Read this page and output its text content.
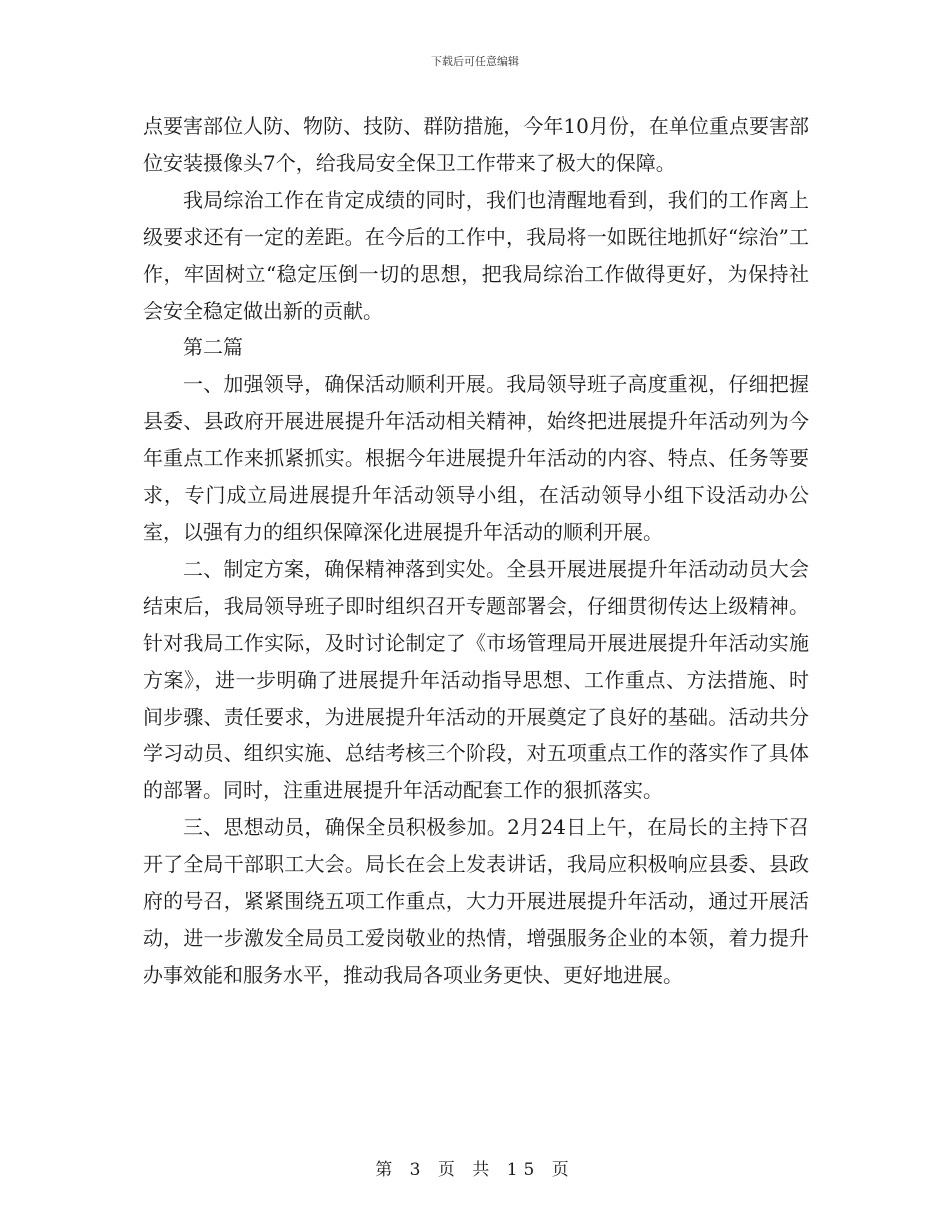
下载后可任意编辑

点要害部位人防、物防、技防、群防措施，今年10月份，在单位重点要害部位安装摄像头7个，给我局安全保卫工作带来了极大的保障。

我局综治工作在肯定成绩的同时，我们也清醒地看到，我们的工作离上级要求还有一定的差距。在今后的工作中，我局将一如既往地抓好“综治”工作，牢固树立“稳定压倒一切的思想，把我局综治工作做得更好，为保持社会安全稳定做出新的贡献。

第二篇

一、加强领导，确保活动顺利开展。我局领导班子高度重视，仔细把握县委、县政府开展进展提升年活动相关精神，始终把进展提升年活动列为今年重点工作来抓紧抓实。根据今年进展提升年活动的内容、特点、任务等要求，专门成立局进展提升年活动领导小组，在活动领导小组下设活动办公室，以强有力的组织保障深化进展提升年活动的顺利开展。

二、制定方案，确保精神落到实处。全县开展进展提升年活动动员大会结束后，我局领导班子即时组织召开专题部署会，仔细贯彻传达上级精神。针对我局工作实际，及时讨论制定了《市场管理局开展进展提升年活动实施方案》，进一步明确了进展提升年活动指导思想、工作重点、方法措施、时间步骤、责任要求，为进展提升年活动的开展奠定了良好的基础。活动共分学习动员、组织实施、总结考核三个阶段，对五项重点工作的落实作了具体的部署。同时，注重进展提升年活动配套工作的狠抓落实。

三、思想动员，确保全员积极参加。2月24日上午，在局长的主持下召开了全局干部职工大会。局长在会上发表讲话，我局应积极响应县委、县政府的号召，紧紧围绕五项工作重点，大力开展进展提升年活动，通过开展活动，进一步激发全局员工爱岗敬业的热情，增强服务企业的本领，着力提升办事效能和服务水平，推动我局各项业务更快、更好地进展。

第 3 页 共 15 页
